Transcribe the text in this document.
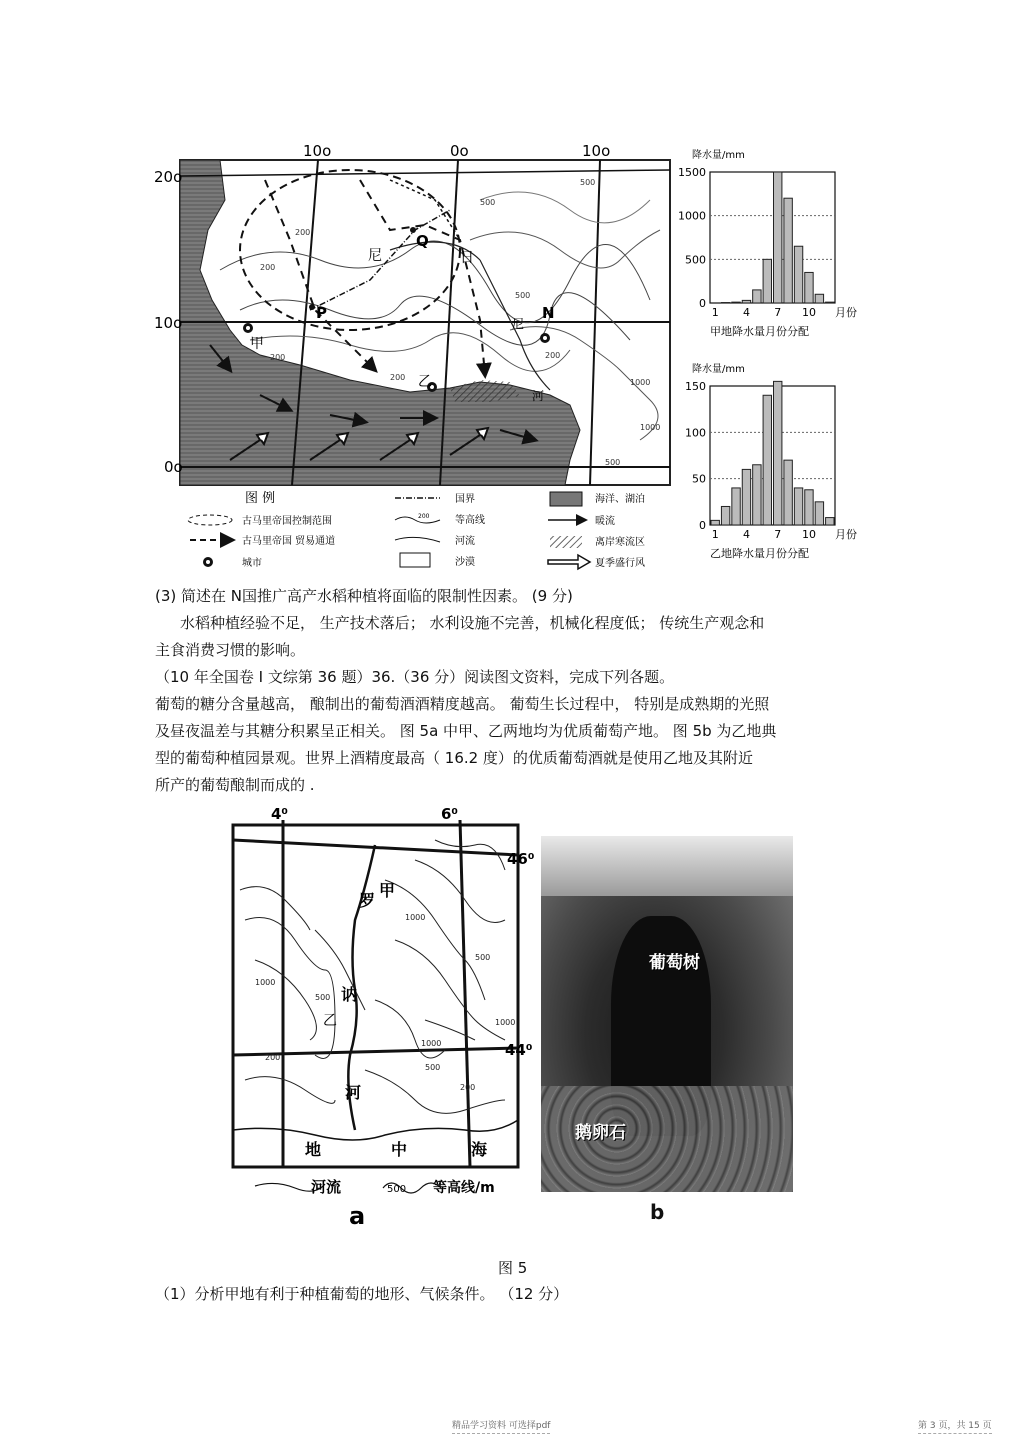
10o	0o	10o
20o
10o
0o
尼	日
甲
乙
Q
P	N
尼
河
500
500
200
200
500
200
200
1000
1000
200
500
图 例
古马里帝国控制范围
古马里帝国 贸易通道
城市
国界
200	等高线
河流
沙漠
海洋、湖泊
暖流
离岸寒流区
夏季盛行风
降水量/mm
0
500
1000
1500
1 4 7 10 月份
甲地降水量月份分配
降水量/mm
0
50
100
150
1 4 7 10 月份
乙地降水量月份分配
(3) 简述在 N国推广高产水稻种植将面临的限制性因素。 (9 分)
水稻种植经验不足， 生产技术落后； 水利设施不完善，机械化程度低； 传统生产观念和
主食消费习惯的影响。
（10 年全国卷 I 文综第 36 题）36.（36 分）阅读图文资料，完成下列各题。
葡萄的糖分含量越高， 酿制出的葡萄酒酒精度越高。 葡萄生长过程中， 特别是成熟期的光照
及昼夜温差与其糖分积累呈正相关。 图 5a 中甲、乙两地均为优质葡萄产地。 图 5b 为乙地典
型的葡萄种植园景观。世界上酒精度最高（ 16.2 度）的优质葡萄酒就是使用乙地及其附近
所产的葡萄酿制而成的 .
4⁰	6⁰
46⁰
44⁰
罗
甲
讷
乙
河
地	中	海
1000
500
1000
500
200
1000
500
1000
200
河流	500 等高线/m
a
葡萄树
鹅卵石
b
图 5
（1）分析甲地有利于种植葡萄的地形、气候条件。 （12 分）
精品学习资料 可选择pdf	第 3 页，共 15 页
